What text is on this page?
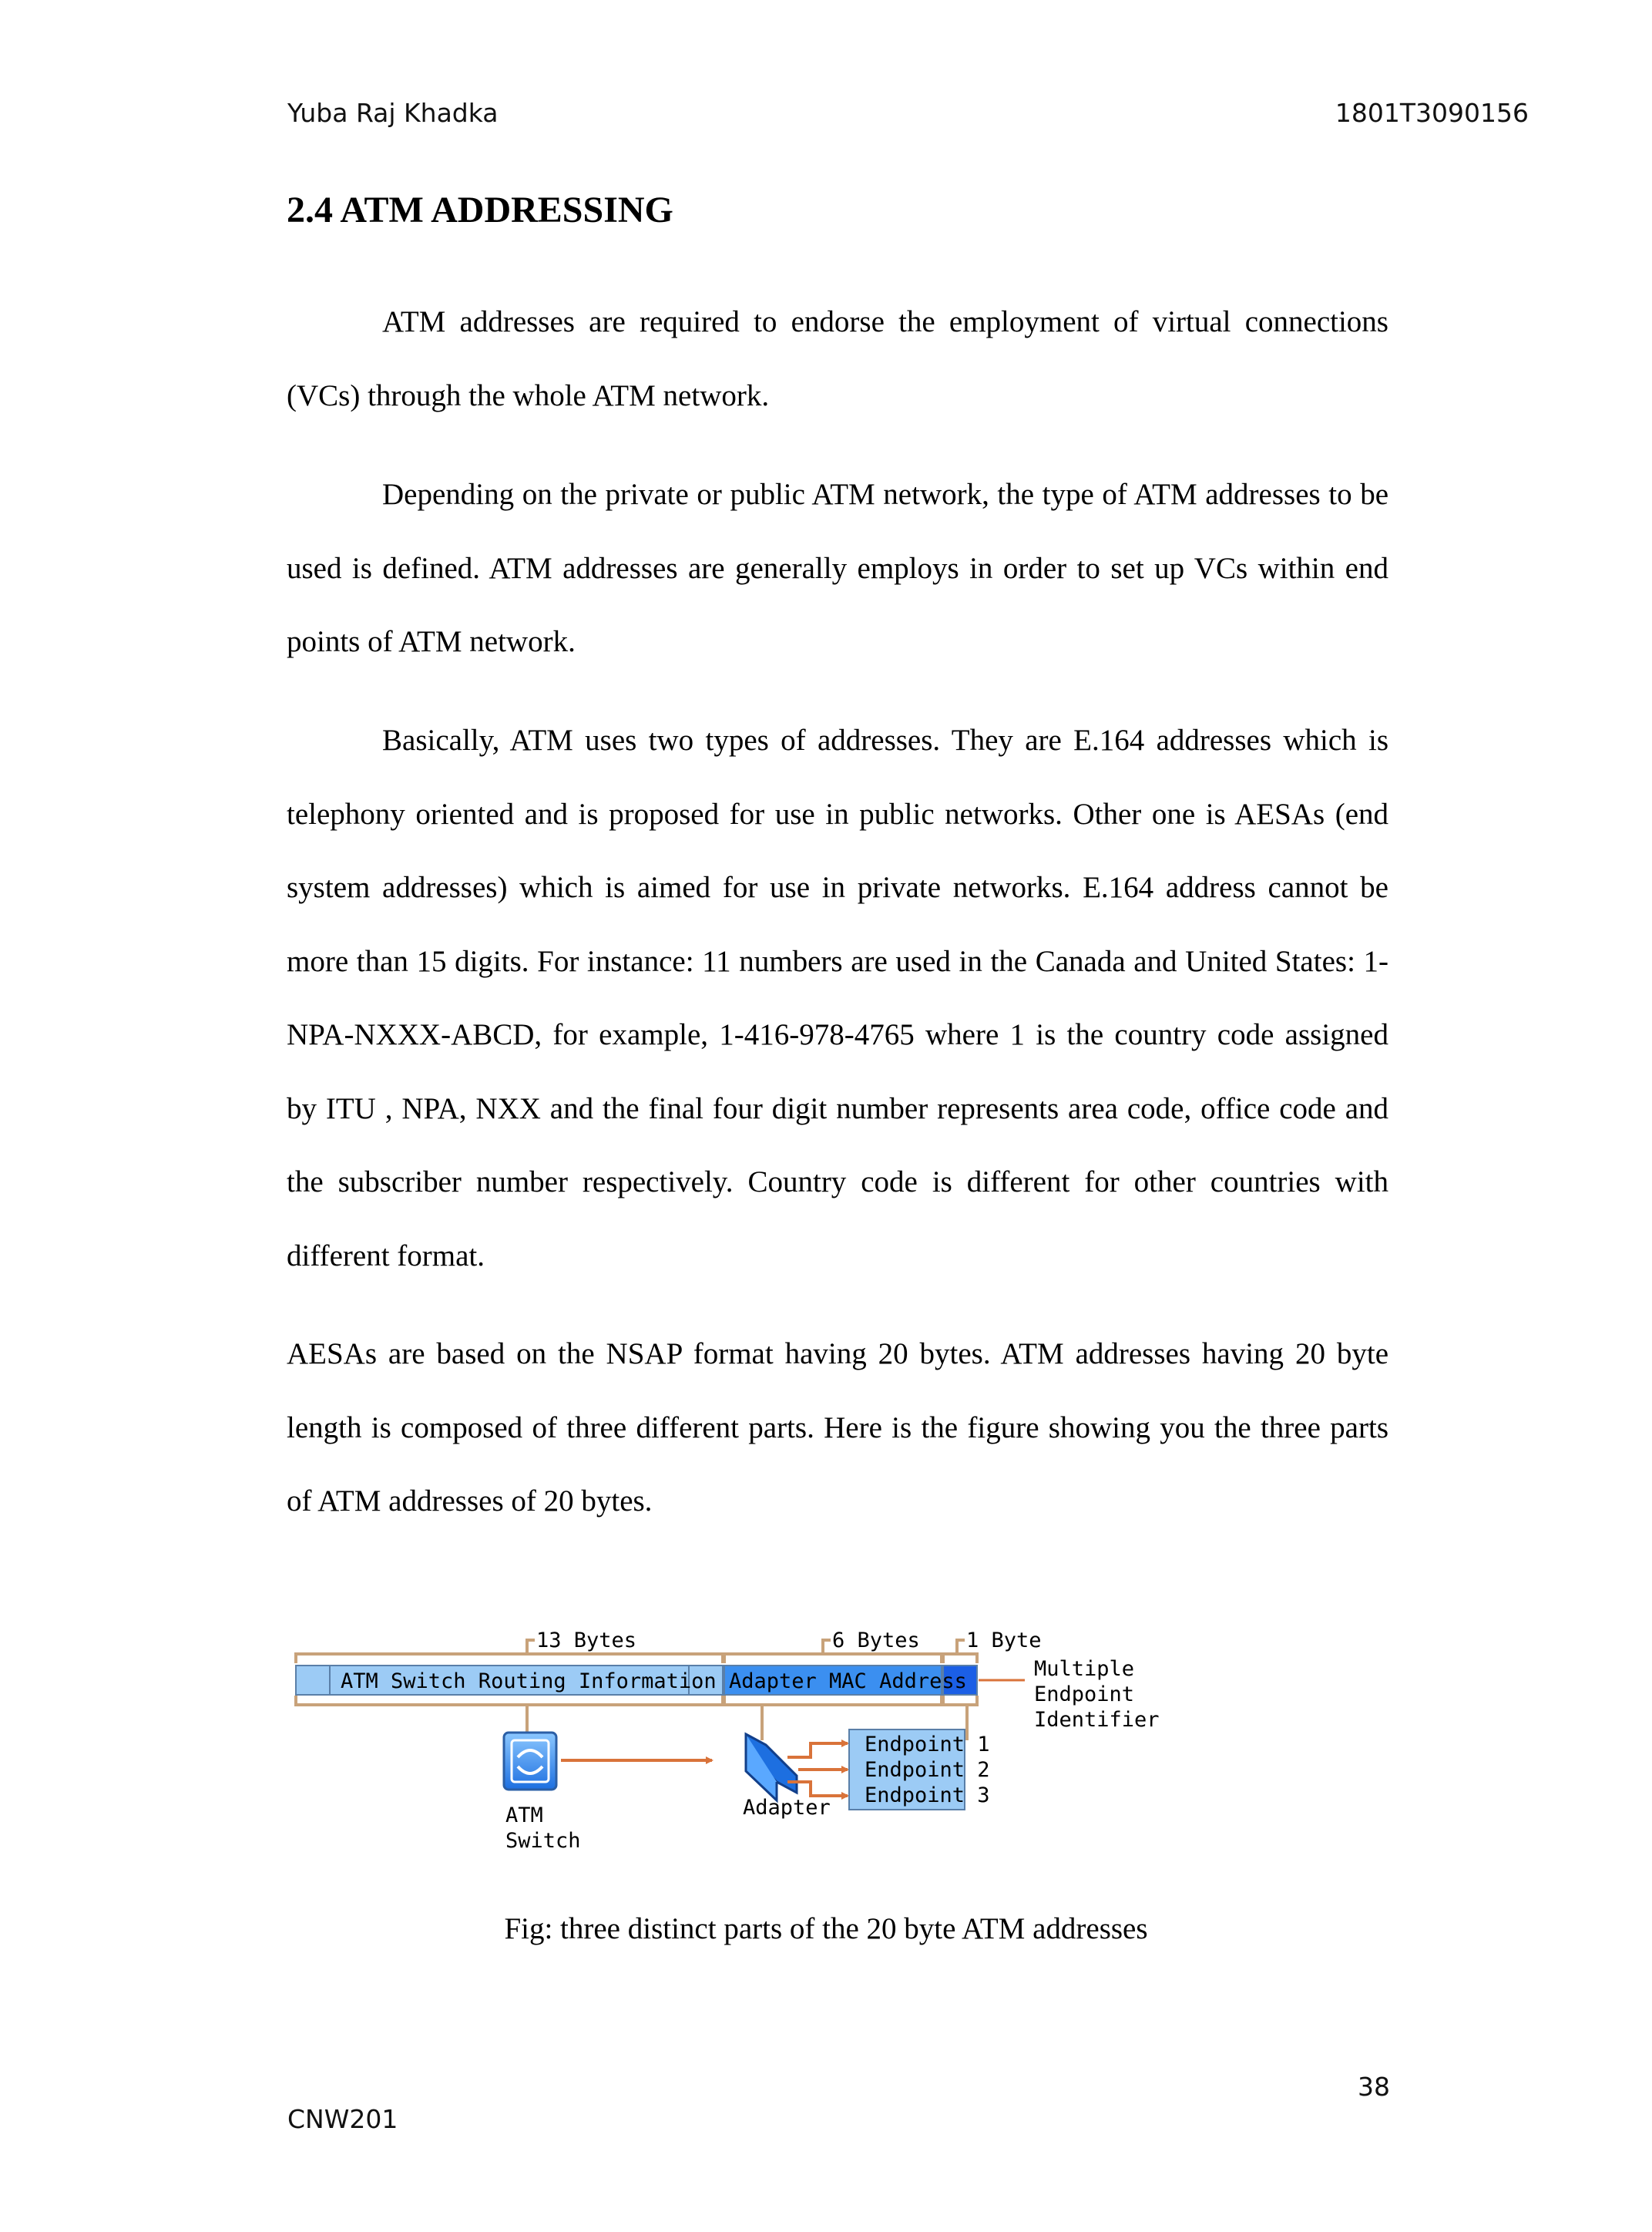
Yuba Raj Khadka	1801T3090156
2.4 ATM ADDRESSING

ATM addresses are required to endorse the employment of virtual connections (VCs) through the whole ATM network.

Depending on the private or public ATM network, the type of ATM addresses to be used is defined. ATM addresses are generally employs in order to set up VCs within end points of ATM network.

Basically, ATM uses two types of addresses. They are E.164 addresses which is telephony oriented and is proposed for use in public networks. Other one is AESAs (end system addresses) which is aimed for use in private networks. E.164 address cannot be more than 15 digits. For instance: 11 numbers are used in the Canada and United States: 1-NPA-NXXX-ABCD, for example, 1-416-978-4765 where 1 is the country code assigned by ITU , NPA, NXX and the final four digit number represents area code, office code and the subscriber number respectively. Country code is different for other countries with different format.

AESAs are based on the NSAP format having 20 bytes. ATM addresses having 20 byte length is composed of three different parts. Here is the figure showing you the three parts of ATM addresses of 20 bytes.

13 Bytes	6 Bytes 1 Byte
ATM Switch Routing Information Adapter MAC Address
Multiple
Endpoint
Identifier
ATM
Switch
Adapter
Endpoint 1
Endpoint 2
Endpoint 3
Fig: three distinct parts of the 20 byte ATM addresses
38
CNW201
